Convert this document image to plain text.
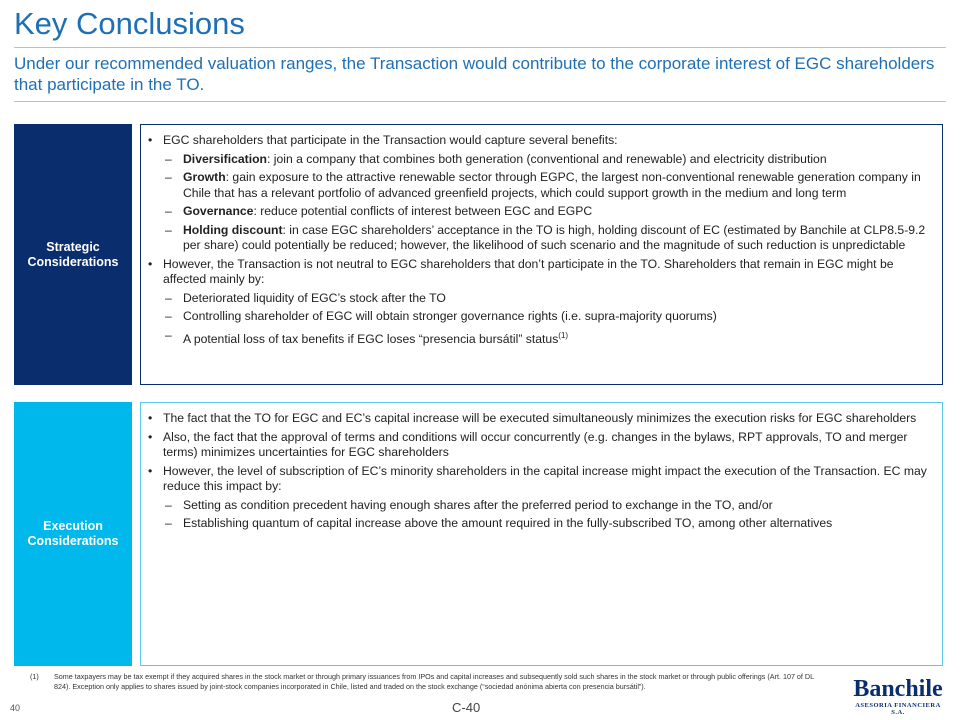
Key Conclusions
Under our recommended valuation ranges, the Transaction would contribute to the corporate interest of EGC shareholders that participate in the TO.
Strategic Considerations
• EGC shareholders that participate in the Transaction would capture several benefits:
– Diversification: join a company that combines both generation (conventional and renewable) and electricity distribution
– Growth: gain exposure to the attractive renewable sector through EGPC, the largest non-conventional renewable generation company in Chile that has a relevant portfolio of advanced greenfield projects, which could support growth in the medium and long term
– Governance: reduce potential conflicts of interest between EGC and EGPC
– Holding discount: in case EGC shareholders’ acceptance in the TO is high, holding discount of EC (estimated by Banchile at CLP8.5-9.2 per share) could potentially be reduced; however, the likelihood of such scenario and the magnitude of such reduction is unpredictable
• However, the Transaction is not neutral to EGC shareholders that don’t participate in the TO. Shareholders that remain in EGC might be affected mainly by:
– Deteriorated liquidity of EGC’s stock after the TO
– Controlling shareholder of EGC will obtain stronger governance rights (i.e. supra-majority quorums)
– A potential loss of tax benefits if EGC loses “presencia bursátil” status$^{(1)}$
Execution Considerations
• The fact that the TO for EGC and EC’s capital increase will be executed simultaneously minimizes the execution risks for EGC shareholders
• Also, the fact that the approval of terms and conditions will occur concurrently (e.g. changes in the bylaws, RPT approvals, TO and merger terms) minimizes uncertainties for EGC shareholders
• However, the level of subscription of EC’s minority shareholders in the capital increase might impact the execution of the Transaction. EC may reduce this impact by:
– Setting as condition precedent having enough shares after the preferred period to exchange in the TO, and/or
– Establishing quantum of capital increase above the amount required in the fully-subscribed TO, among other alternatives
(1)	Some taxpayers may be tax exempt if they acquired shares in the stock market or through primary issuances from IPOs and capital increases and subsequently sold such shares in the stock market or through public offerings (Art. 107 of DL 824). Exception only applies to shares issued by joint-stock companies incorporated in Chile, listed and traded on the stock exchange (“sociedad anónima abierta con presencia bursátil”).
40	C-40
Banchile
ASESORIA FINANCIERA S.A.
